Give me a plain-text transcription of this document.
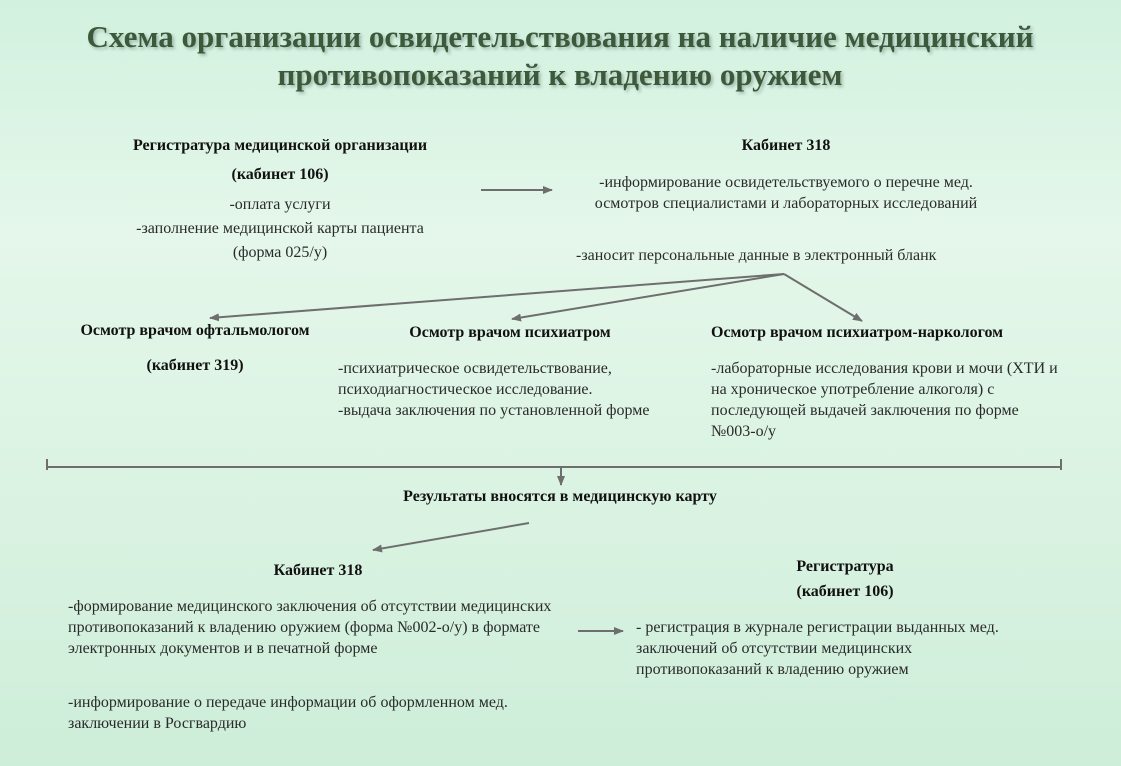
Схема организации освидетельствования на наличие медицинский
противопоказаний к владению оружием
Регистратура медицинской организации
(кабинет 106)
-оплата услуги
-заполнение медицинской карты пациента
(форма 025/у)
Кабинет 318
-информирование освидетельствуемого о перечне мед. осмотров специалистами и лабораторных исследований
-заносит персональные данные в электронный бланк
Осмотр врачом офтальмологом
(кабинет 319)
Осмотр врачом психиатром
-психиатрическое освидетельствование, психодиагностическое исследование.
-выдача заключения по установленной форме
Осмотр врачом психиатром-наркологом
-лабораторные исследования крови и мочи (ХТИ и на хроническое употребление алкоголя) с последующей выдачей заключения по форме №003-о/у
Результаты вносятся в медицинскую карту
Кабинет 318
-формирование медицинского заключения об отсутствии медицинских противопоказаний к владению оружием (форма №002-о/у) в формате электронных документов и в печатной форме
-информирование о передаче информации об оформленном мед. заключении в Росгвардию
Регистратура
(кабинет 106)
- регистрация в журнале регистрации выданных мед. заключений об отсутствии медицинских противопоказаний к владению оружием
